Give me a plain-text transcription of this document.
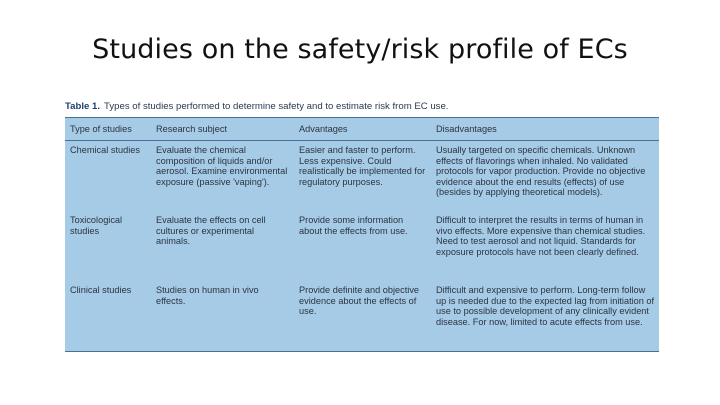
Studies on the safety/risk profile of ECs
Table 1. Types of studies performed to determine safety and to estimate risk from EC use.
Type of studies	Research subject	Advantages	Disadvantages
Chemical studies	Evaluate the chemical composition of liquids and/or aerosol. Examine environmental exposure (passive 'vaping').	Easier and faster to perform. Less expensive. Could realistically be implemented for regulatory purposes.	Usually targeted on specific chemicals. Unknown effects of flavorings when inhaled. No validated protocols for vapor production. Provide no objective evidence about the end results (effects) of use (besides by applying theoretical models).
Toxicological studies	Evaluate the effects on cell cultures or experimental animals.	Provide some information about the effects from use.	Difficult to interpret the results in terms of human in vivo effects. More expensive than chemical studies. Need to test aerosol and not liquid. Standards for exposure protocols have not been clearly defined.
Clinical studies	Studies on human in vivo effects.	Provide definite and objective evidence about the effects of use.	Difficult and expensive to perform. Long-term follow up is needed due to the expected lag from initiation of use to possible development of any clinically evident disease. For now, limited to acute effects from use.
